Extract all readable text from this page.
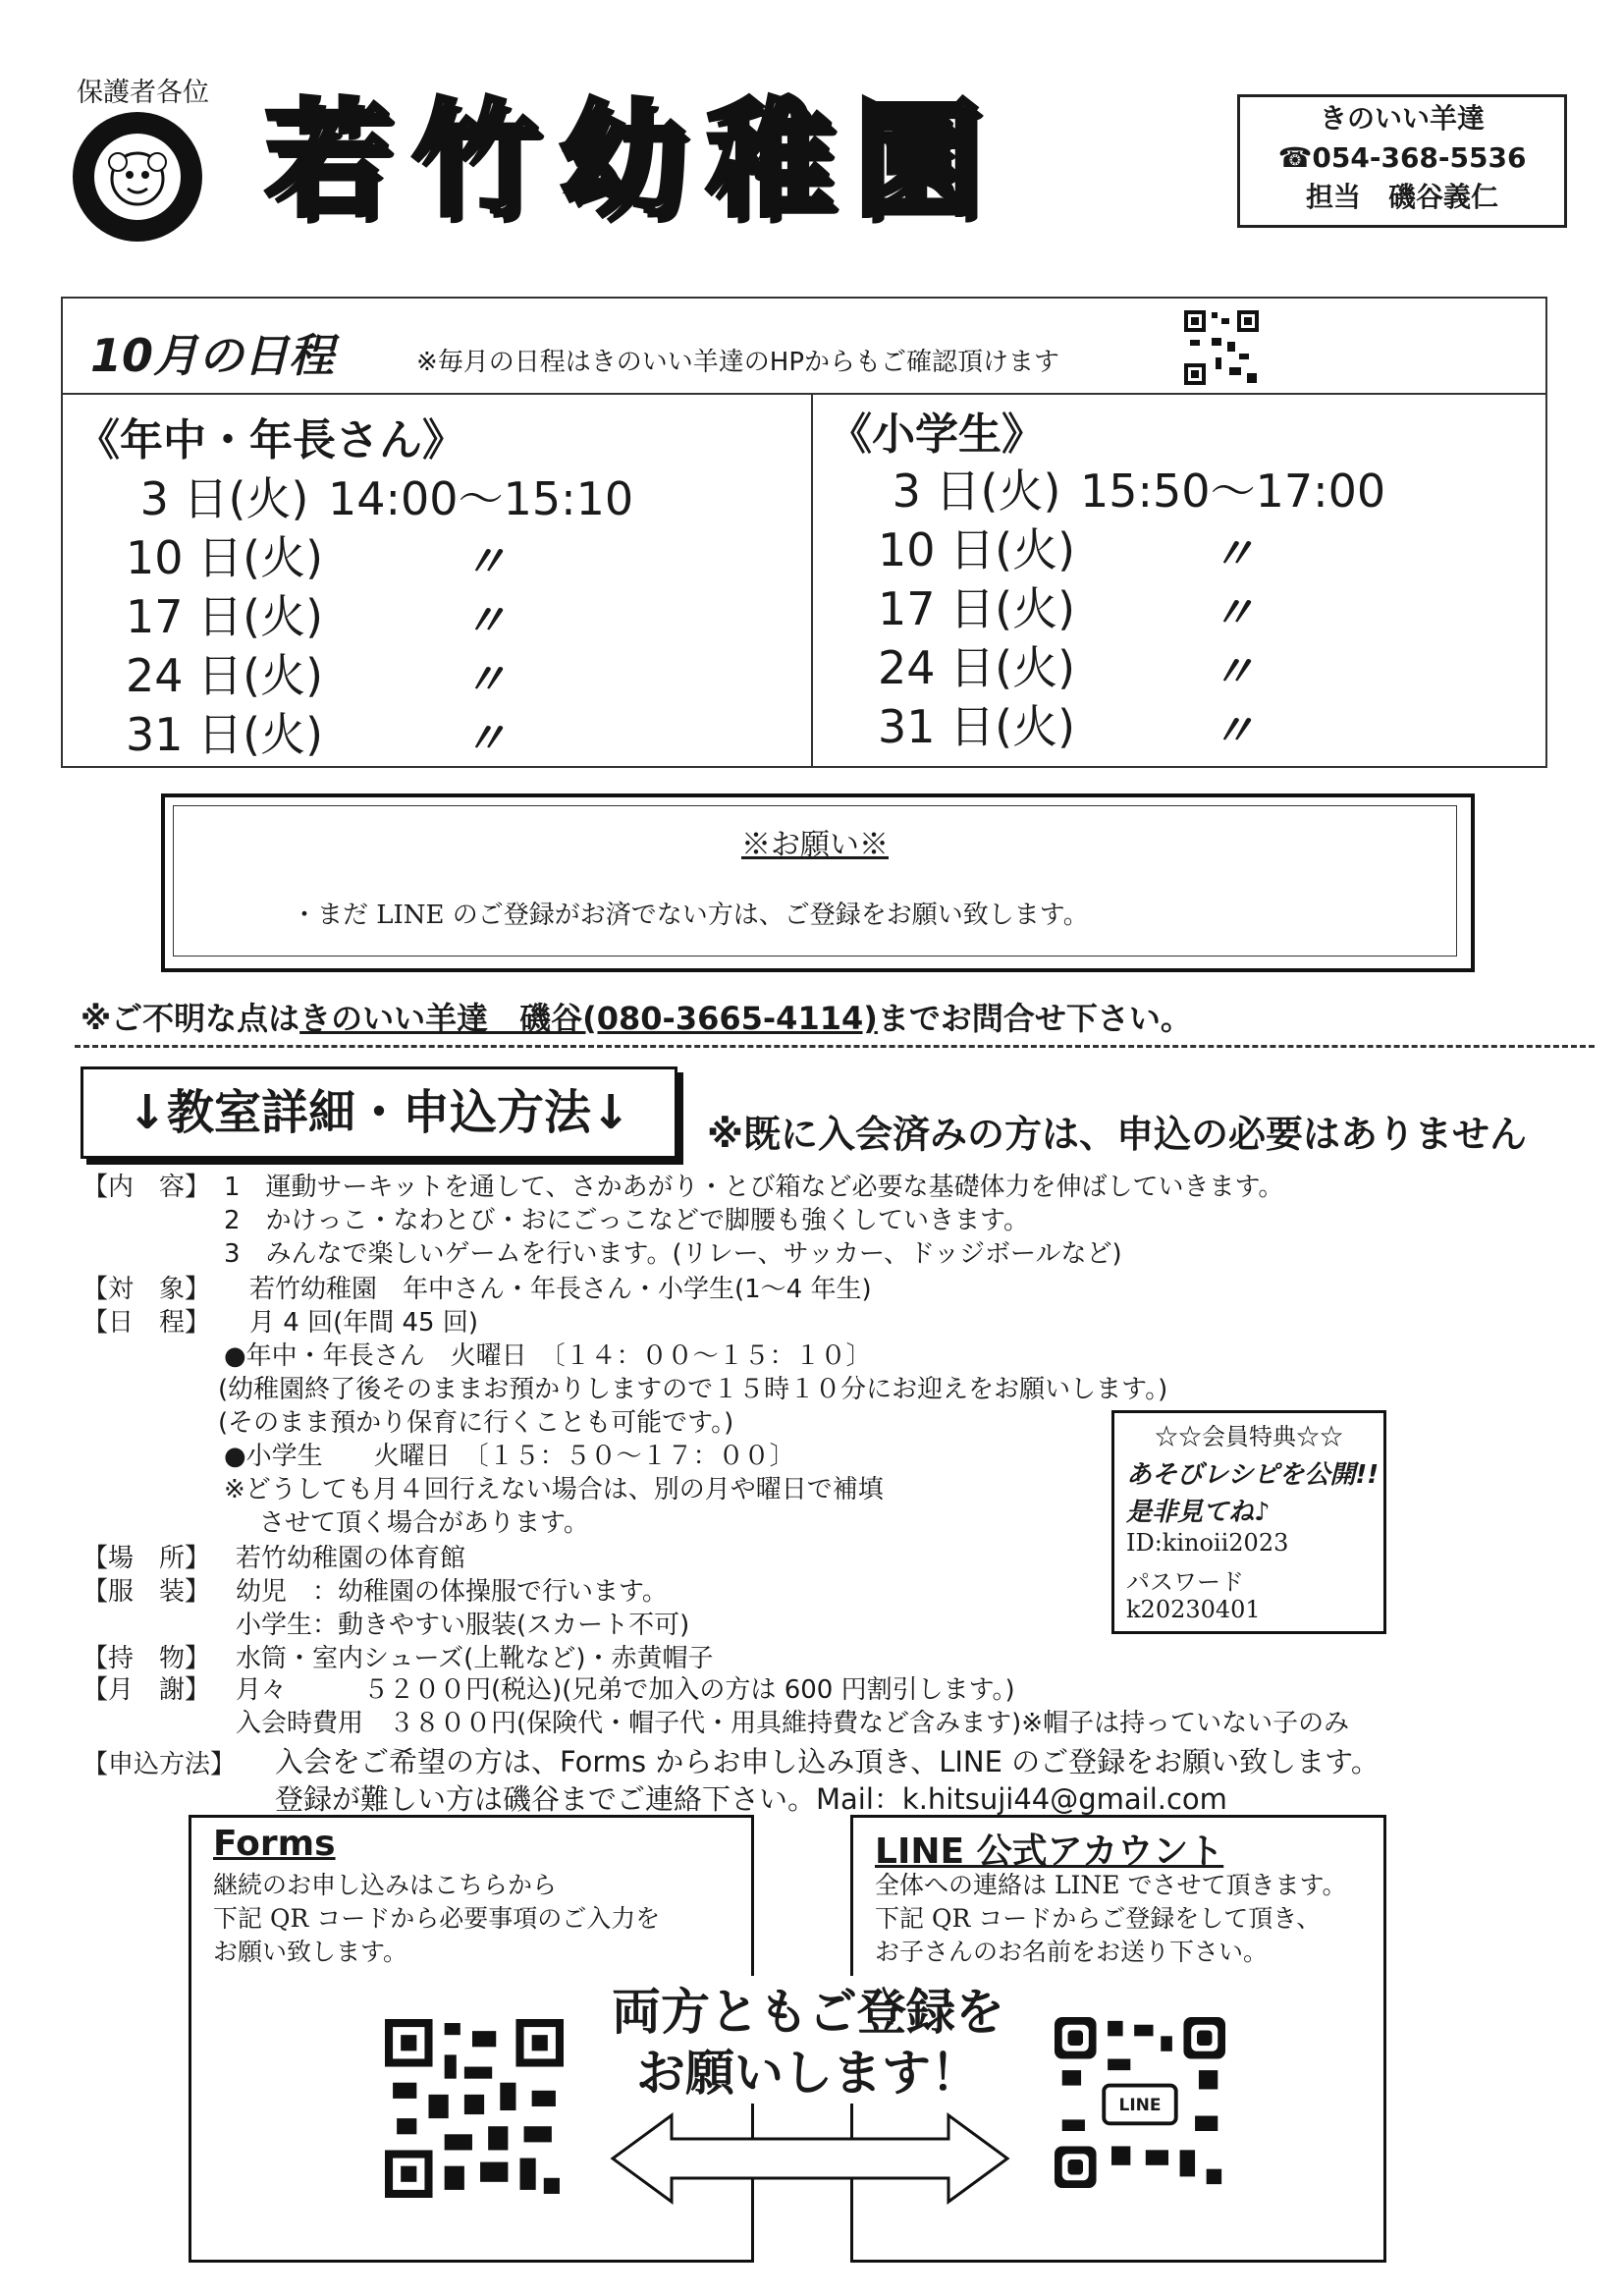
保護者各位 若竹幼稚園	きのいい羊達
☎054-368-5536
担当　磯谷義仁
10月の日程	※毎月の日程はきのいい羊達のHPからもご確認頂けます
《年中・年長さん》
3 日(火) 14:00～15:10
10 日(火)	〃
17 日(火)	〃
24 日(火)	〃
31 日(火)	〃
《小学生》
3 日(火) 15:50～17:00
10 日(火)	〃
17 日(火)	〃
24 日(火)	〃
31 日(火)	〃
※お願い※
・まだ LINE のご登録がお済でない方は、ご登録をお願い致します。
※ご不明な点はきのいい羊達　磯谷(080-3665-4114)までお問合せ下さい。
↓教室詳細・申込方法↓	※既に入会済みの方は、申込の必要はありません
【内　容】 1　運動サーキットを通して、さかあがり・とび箱など必要な基礎体力を伸ばしていきます。
2　かけっこ・なわとび・おにごっこなどで脚腰も強くしていきます。
3　みんなで楽しいゲームを行います。(リレー、サッカー、ドッジボールなど)
【対　象】 若竹幼稚園　年中さん・年長さん・小学生(1～4 年生)
【日　程】 月 4 回(年間 45 回)
●年中・年長さん　火曜日　〔１４：００～１５：１０〕
(幼稚園終了後そのままお預かりしますので１５時１０分にお迎えをお願いします。)
(そのまま預かり保育に行くことも可能です。)
●小学生　　火曜日　〔１５：５０～１７：００〕
※どうしても月４回行えない場合は、別の月や曜日で補填
させて頂く場合があります。
【場　所】 若竹幼稚園の体育館
【服　装】 幼児　：幼稚園の体操服で行います。
小学生：動きやすい服装(スカート不可)
【持　物】 水筒・室内シューズ(上靴など)・赤黄帽子
【月　謝】 月々　　　５２００円(税込)(兄弟で加入の方は 600 円割引します。)
入会時費用　３８００円(保険代・帽子代・用具維持費など含みます)※帽子は持っていない子のみ
【申込方法】 入会をご希望の方は、Forms からお申し込み頂き、LINE のご登録をお願い致します。
登録が難しい方は磯谷までご連絡下さい。Mail：k.hitsuji44@gmail.com
☆☆会員特典☆☆
あそびレシピを公開!!
是非見てね♪
ID:kinoii2023
パスワード
k20230401
Forms
継続のお申し込みはこちらから
下記 QR コードから必要事項のご入力を
お願い致します。
LINE 公式アカウント
全体への連絡は LINE でさせて頂きます。
下記 QR コードからご登録をして頂き、
お子さんのお名前をお送り下さい。
LINE
両方ともご登録を
お願いします！
